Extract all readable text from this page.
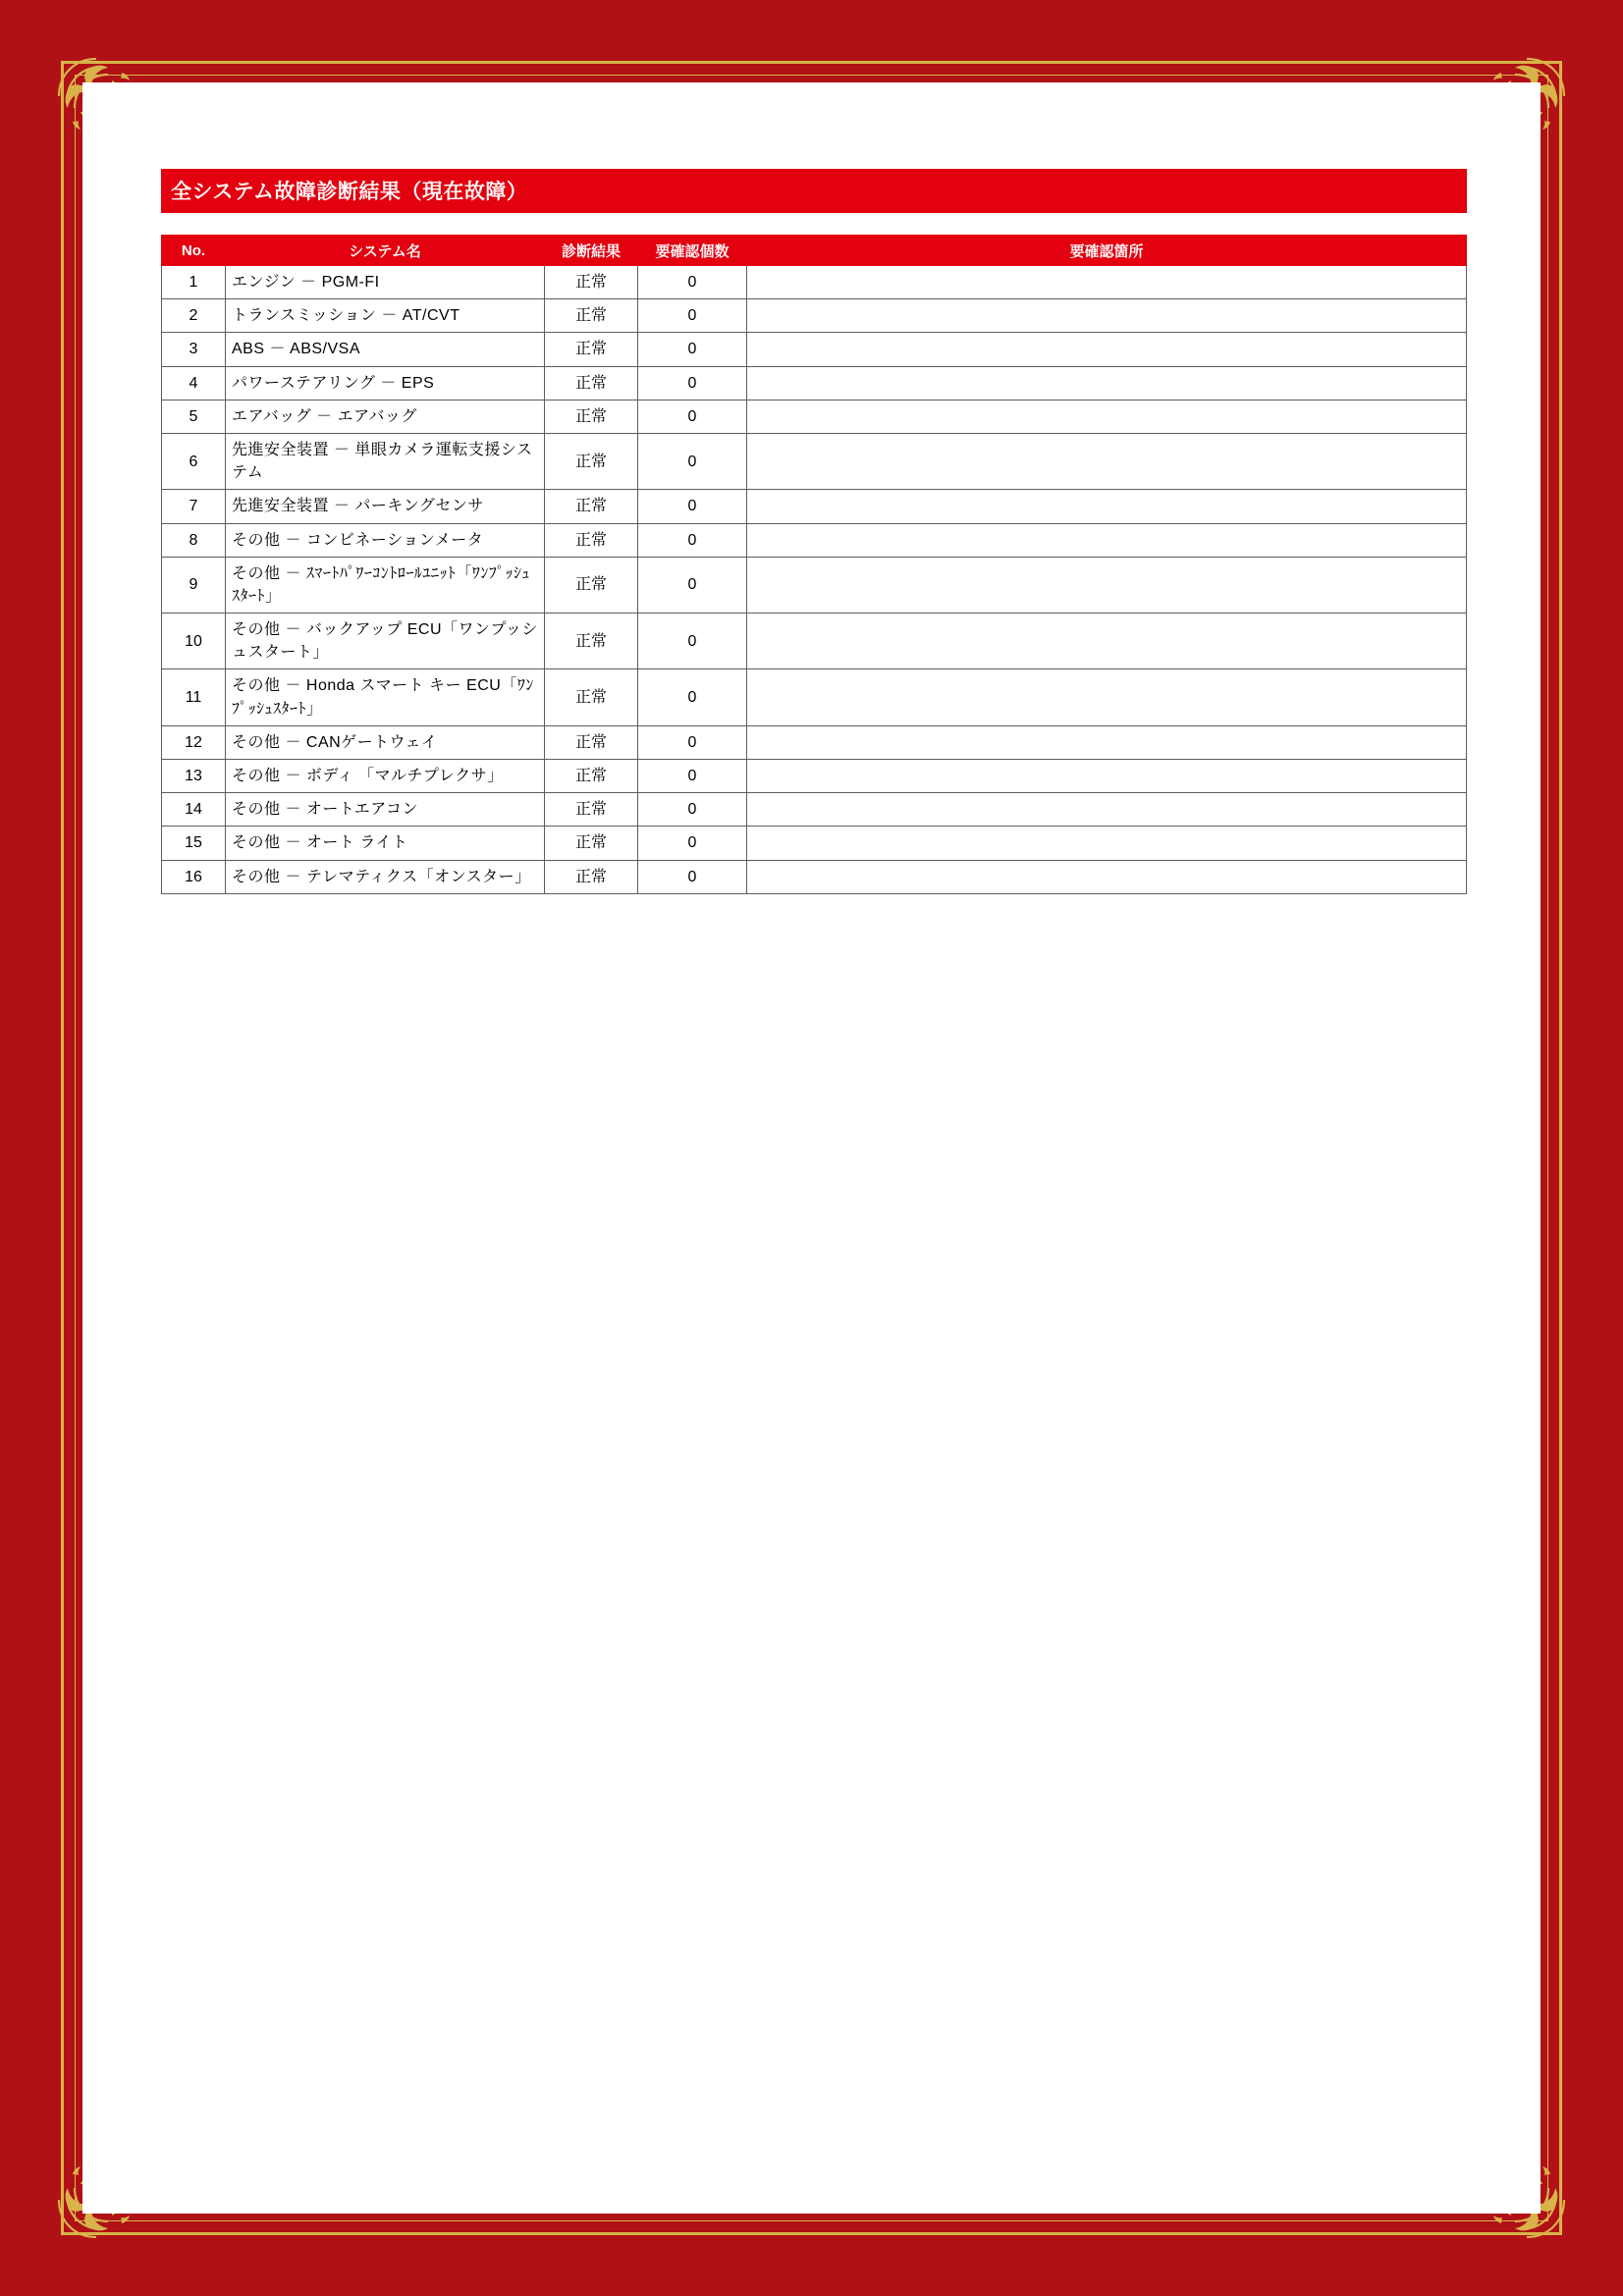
全システム故障診断結果（現在故障）
No.	システム名	診断結果	要確認個数	要確認箇所
1	エンジン － PGM-FI	正常	0	
2	トランスミッション － AT/CVT	正常	0	
3	ABS － ABS/VSA	正常	0	
4	パワーステアリング － EPS	正常	0	
5	エアバッグ － エアバッグ	正常	0	
6	先進安全装置 － 単眼カメラ運転支援システム	正常	0	
7	先進安全装置 － パーキングセンサ	正常	0	
8	その他 － コンビネーションメータ	正常	0	
9	その他 － ｽﾏｰﾄﾊﾟﾜｰｺﾝﾄﾛｰﾙﾕﾆｯﾄ「ﾜﾝﾌﾟｯｼｭｽﾀｰﾄ」	正常	0	
10	その他 － バックアップ ECU「ワンプッシュスタート」	正常	0	
11	その他 － Honda スマート キー ECU「ﾜﾝﾌﾟｯｼｭｽﾀｰﾄ」	正常	0	
12	その他 － CANゲートウェイ	正常	0	
13	その他 － ボディ 「マルチプレクサ」	正常	0	
14	その他 － オートエアコン	正常	0	
15	その他 － オート ライト	正常	0	
16	その他 － テレマティクス「オンスター」	正常	0	
